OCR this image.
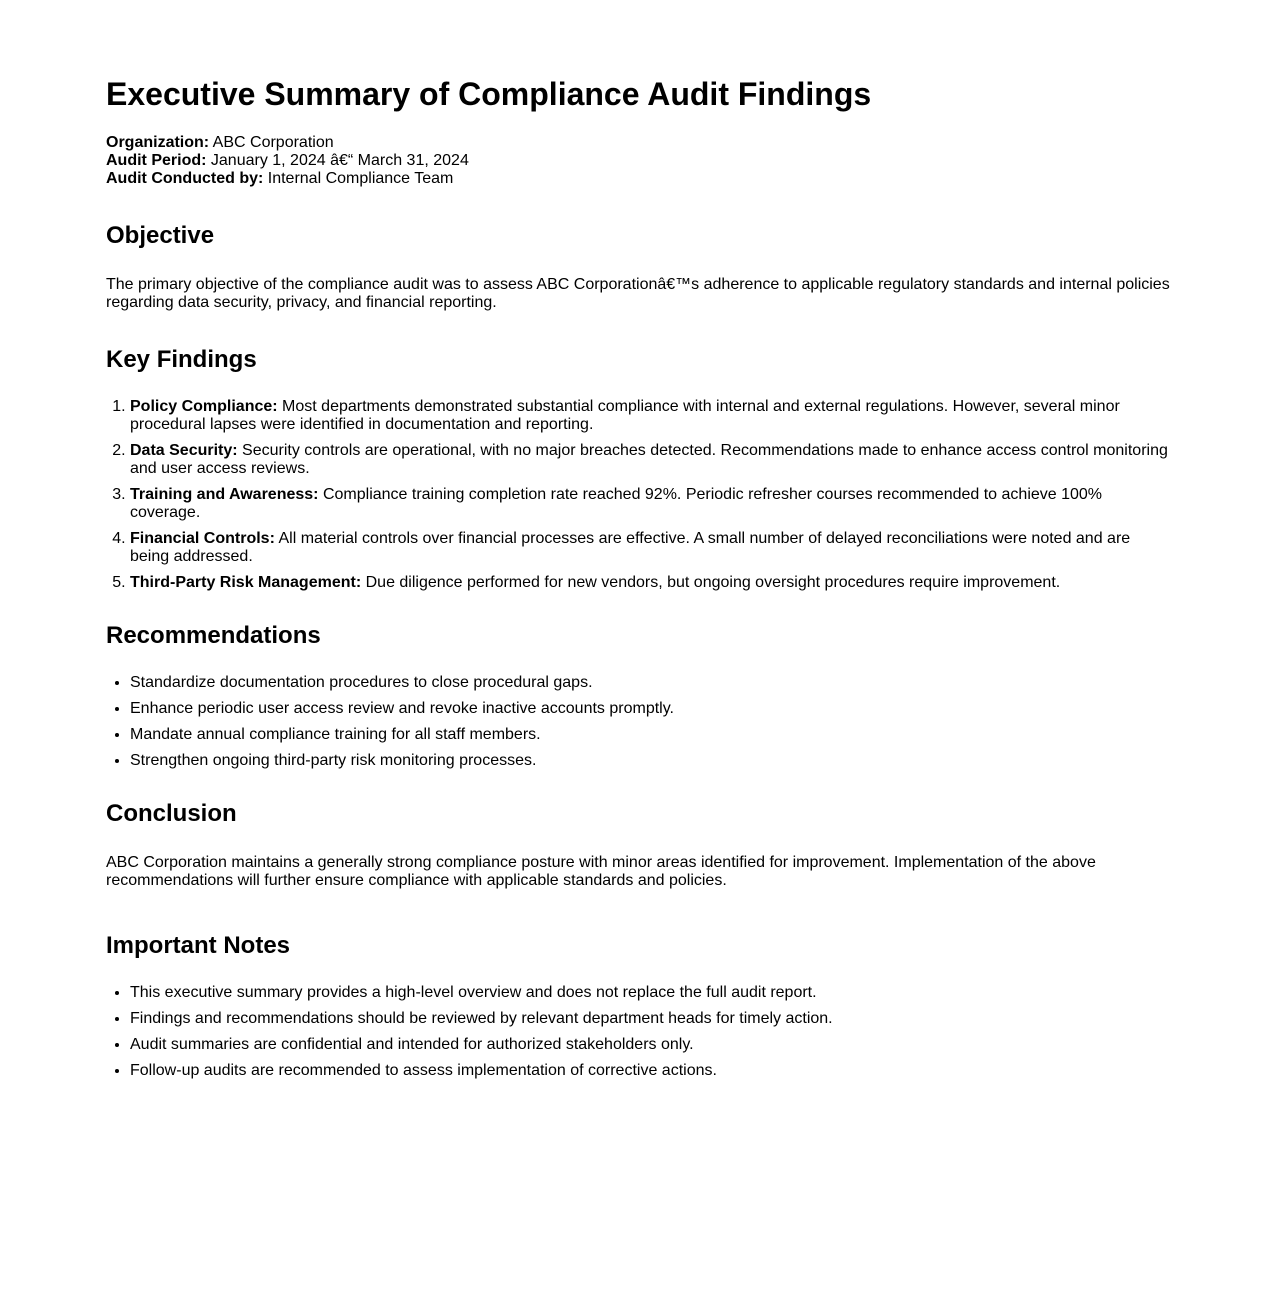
Executive Summary of Compliance Audit Findings
Organization: ABC Corporation
Audit Period: January 1, 2024 â€“ March 31, 2024
Audit Conducted by: Internal Compliance Team
Objective

The primary objective of the compliance audit was to assess ABC Corporationâ€™s adherence to applicable regulatory standards and internal policies regarding data security, privacy, and financial reporting.

Key Findings
1. Policy Compliance: Most departments demonstrated substantial compliance with internal and external regulations. However, several minor procedural lapses were identified in documentation and reporting.
2. Data Security: Security controls are operational, with no major breaches detected. Recommendations made to enhance access control monitoring and user access reviews.
3. Training and Awareness: Compliance training completion rate reached 92%. Periodic refresher courses recommended to achieve 100% coverage.
4. Financial Controls: All material controls over financial processes are effective. A small number of delayed reconciliations were noted and are being addressed.
5. Third-Party Risk Management: Due diligence performed for new vendors, but ongoing oversight procedures require improvement.
Recommendations
• Standardize documentation procedures to close procedural gaps.
• Enhance periodic user access review and revoke inactive accounts promptly.
• Mandate annual compliance training for all staff members.
• Strengthen ongoing third-party risk monitoring processes.
Conclusion

ABC Corporation maintains a generally strong compliance posture with minor areas identified for improvement. Implementation of the above recommendations will further ensure compliance with applicable standards and policies.

Important Notes
• This executive summary provides a high-level overview and does not replace the full audit report.
• Findings and recommendations should be reviewed by relevant department heads for timely action.
• Audit summaries are confidential and intended for authorized stakeholders only.
• Follow-up audits are recommended to assess implementation of corrective actions.
